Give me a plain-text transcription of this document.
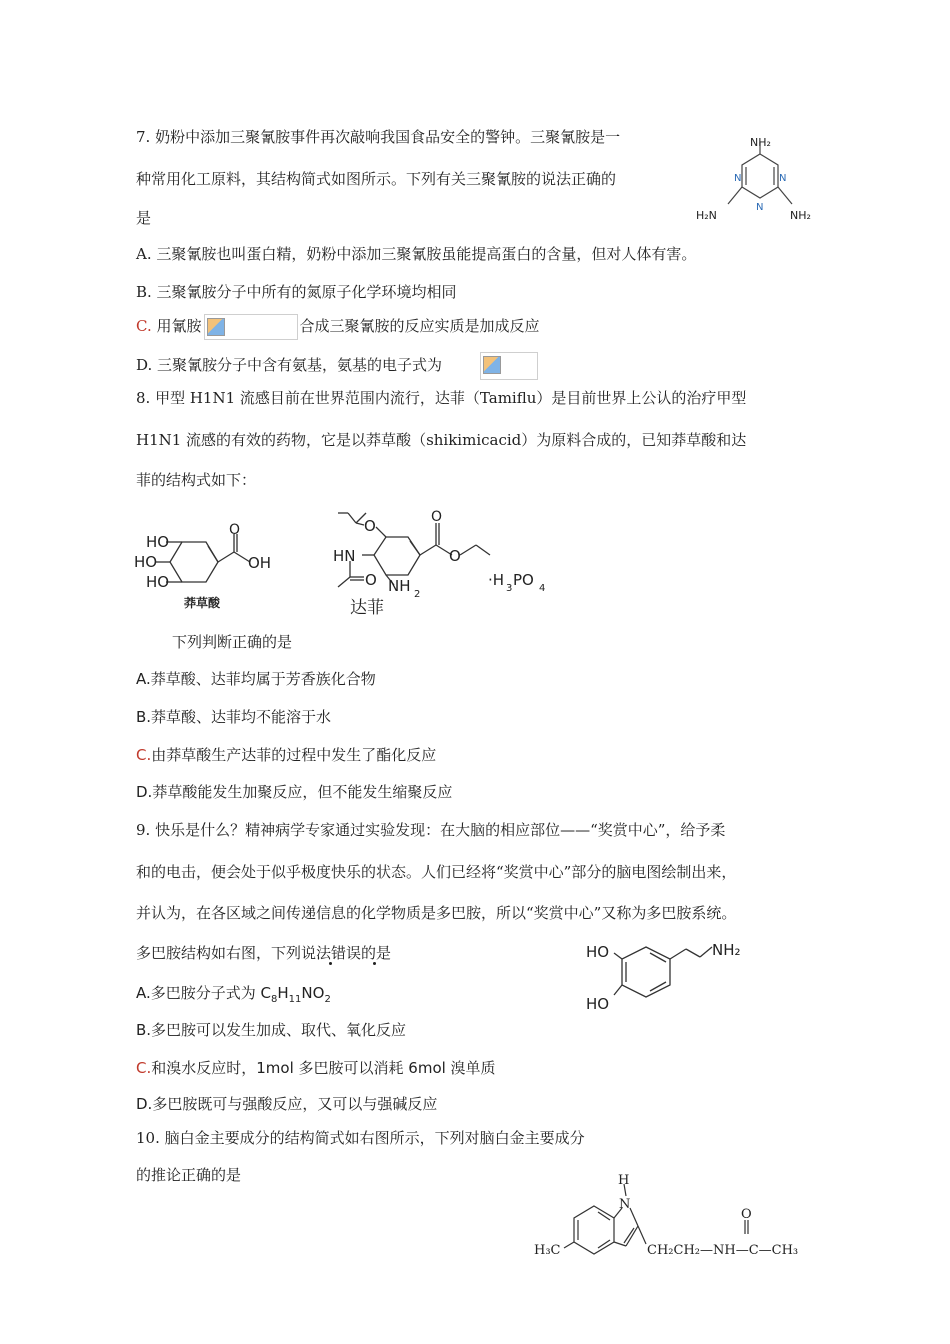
7. 奶粉中添加三聚氰胺事件再次敲响我国食品安全的警钟。三聚氰胺是一
种常用化工原料，其结构简式如图所示。下列有关三聚氰胺的说法正确的
是
NH₂
H₂N	NH₂
N	N
N
A. 三聚氰胺也叫蛋白精，奶粉中添加三聚氰胺虽能提高蛋白的含量，但对人体有害。
B. 三聚氰胺分子中所有的氮原子化学环境均相同
C. 用氰胺	合成三聚氰胺的反应实质是加成反应
D. 三聚氰胺分子中含有氨基，氨基的电子式为
8. 甲型 H1N1 流感目前在世界范围内流行，达菲（Tamiflu）是目前世界上公认的治疗甲型
H1N1 流感的有效的药物，它是以莽草酸（shikimicacid）为原料合成的，已知莽草酸和达
菲的结构式如下：
HO
HO
HO
O
OH
莽草酸
O	O
O
HN
O NH 2
达菲
·H 3 PO 4
下列判断正确的是
A.莽草酸、达菲均属于芳香族化合物
B.莽草酸、达菲均不能溶于水
C.由莽草酸生产达菲的过程中发生了酯化反应
D.莽草酸能发生加聚反应，但不能发生缩聚反应
9. 快乐是什么？精神病学专家通过实验发现：在大脑的相应部位——“奖赏中心”，给予柔
和的电击，便会处于似乎极度快乐的状态。人们已经将“奖赏中心”部分的脑电图绘制出来，
并认为，在各区域之间传递信息的化学物质是多巴胺，所以“奖赏中心”又称为多巴胺系统。
多巴胺结构如右图，下列说法错误的是	HO
HO
NH₂
A.多巴胺分子式为 $C_8H_{11}NO_2$
B.多巴胺可以发生加成、取代、氧化反应
C.和溴水反应时，1mol 多巴胺可以消耗 6mol 溴单质
D.多巴胺既可与强酸反应，又可以与强碱反应
10. 脑白金主要成分的结构简式如右图所示，下列对脑白金主要成分
的推论正确的是	H
N
O
H₃C	CH₂CH₂—NH—C—CH₃
